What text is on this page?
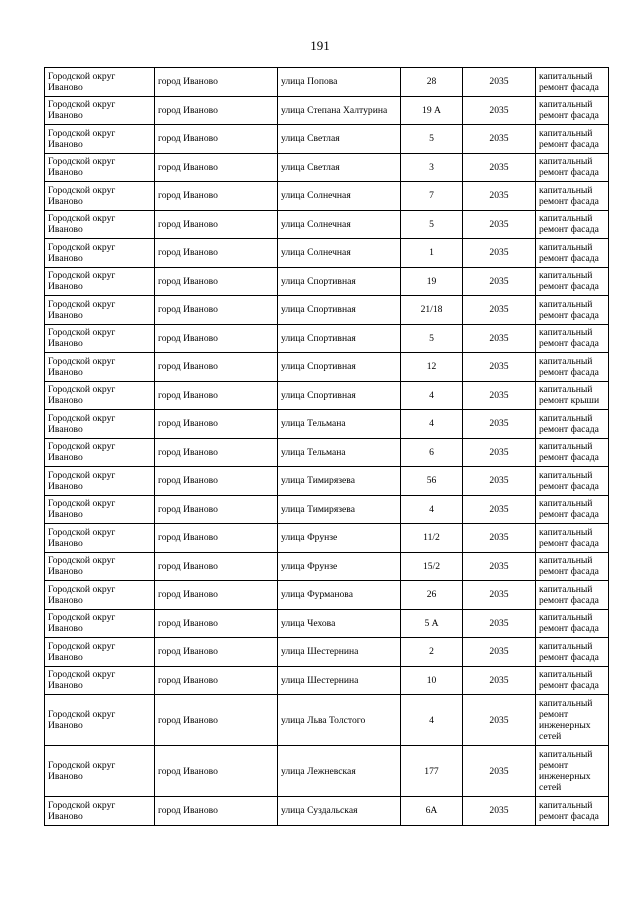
191
Городской округ Иваново	город Иваново	улица Попова	28	2035	капитальный ремонт фасада
Городской округ Иваново	город Иваново	улица Степана Халтурина	19 А	2035	капитальный ремонт фасада
Городской округ Иваново	город Иваново	улица Светлая	5	2035	капитальный ремонт фасада
Городской округ Иваново	город Иваново	улица Светлая	3	2035	капитальный ремонт фасада
Городской округ Иваново	город Иваново	улица Солнечная	7	2035	капитальный ремонт фасада
Городской округ Иваново	город Иваново	улица Солнечная	5	2035	капитальный ремонт фасада
Городской округ Иваново	город Иваново	улица Солнечная	1	2035	капитальный ремонт фасада
Городской округ Иваново	город Иваново	улица Спортивная	19	2035	капитальный ремонт фасада
Городской округ Иваново	город Иваново	улица Спортивная	21/18	2035	капитальный ремонт фасада
Городской округ Иваново	город Иваново	улица Спортивная	5	2035	капитальный ремонт фасада
Городской округ Иваново	город Иваново	улица Спортивная	12	2035	капитальный ремонт фасада
Городской округ Иваново	город Иваново	улица Спортивная	4	2035	капитальный ремонт крыши
Городской округ Иваново	город Иваново	улица Тельмана	4	2035	капитальный ремонт фасада
Городской округ Иваново	город Иваново	улица Тельмана	6	2035	капитальный ремонт фасада
Городской округ Иваново	город Иваново	улица Тимирязева	56	2035	капитальный ремонт фасада
Городской округ Иваново	город Иваново	улица Тимирязева	4	2035	капитальный ремонт фасада
Городской округ Иваново	город Иваново	улица Фрунзе	11/2	2035	капитальный ремонт фасада
Городской округ Иваново	город Иваново	улица Фрунзе	15/2	2035	капитальный ремонт фасада
Городской округ Иваново	город Иваново	улица Фурманова	26	2035	капитальный ремонт фасада
Городской округ Иваново	город Иваново	улица Чехова	5 А	2035	капитальный ремонт фасада
Городской округ Иваново	город Иваново	улица Шестернина	2	2035	капитальный ремонт фасада
Городской округ Иваново	город Иваново	улица Шестернина	10	2035	капитальный ремонт фасада
Городской округ Иваново	город Иваново	улица Льва Толстого	4	2035	капитальный ремонт инженерных сетей
Городской округ Иваново	город Иваново	улица Лежневская	177	2035	капитальный ремонт инженерных сетей
Городской округ Иваново	город Иваново	улица Суздальская	6А	2035	капитальный ремонт фасада
